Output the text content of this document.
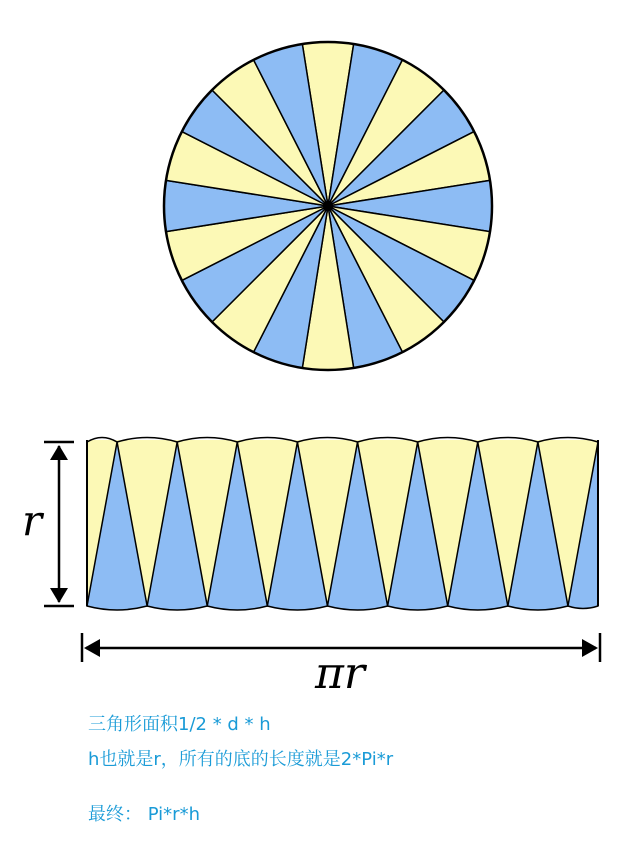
r
πr

三角形面积1/2 * d * h

h也就是r，所有的底的长度就是2*Pi*r

最终： Pi*r*h
